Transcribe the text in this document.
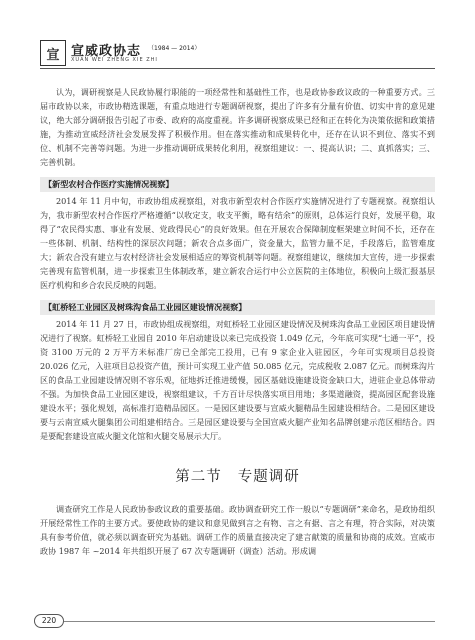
宣 宣威政协志 （1984 — 2014）
XUAN WEI ZHENG XIE ZHI

认为，调研视察是人民政协履行职能的一项经常性和基础性工作，也是政协参政议政的一种重要方式。三届市政协以来，市政协精选课题，有重点地进行专题调研视察，提出了许多有分量有价值、切实中肯的意见建议，绝大部分调研报告引起了市委、政府的高度重视。许多调研视察成果已经和正在转化为决策依据和政策措施，为推动宣威经济社会发展发挥了积极作用。但在落实推动和成果转化中，还存在认识不到位、落实不到位、机制不完善等问题。为进一步推动调研成果转化利用，视察组建议：一、提高认识；二、真抓落实；三、完善机制。

【新型农村合作医疗实施情况视察】

2014 年 11 月中旬，市政协组成视察组，对我市新型农村合作医疗实施情况进行了专题视察。视察组认为，我市新型农村合作医疗严格遵循“以收定支，收支平衡，略有结余”的原则，总体运行良好，发展平稳，取得了“农民得实惠、事业有发展、党政得民心”的良好效果。但在开展农合保障制度框架建立时间不长，还存在一些体制、机制、结构性的深层次问题；新农合点多面广，资金量大，监管力量不足，手段落后，监管难度大；新农合没有建立与农村经济社会发展相适应的筹资机制等问题。视察组建议，继续加大宣传，进一步探索完善现有监管机制，进一步探索卫生体制改革，建立新农合运行中公立医院的主体地位，积极向上级汇报基层医疗机构和乡合农民反映的问题。

【虹桥轻工业园区及树珠沟食品工业园区建设情况视察】

2014 年 11 月 27 日，市政协组成视察组，对虹桥轻工业园区建设情况及树珠沟食品工业园区项目建设情况进行了视察。虹桥轻工业园自 2010 年启动建设以来已完成投资 1.049 亿元，今年底可实现“七通一平”，投资 3100 万元的 2 万平方米标准厂房已全部完工投用，已有 9 家企业入驻园区，今年可实现项目总投资 20.026 亿元，入驻项目总投资产值，预计可实现工业产值 50.085 亿元，完成税收 2.087 亿元。而树珠沟片区的食品工业园建设情况则不容乐观，征地拆迁推进缓慢，园区基础设施建设资金缺口大，进驻企业总体带动不强。为加快食品工业园区建设，视察组建议，千方百计尽快落实项目用地；多渠道融资，提高园区配套设施建设水平；强化规划，高标准打造精品园区。一是园区建设要与宣威火腿精品生园建设相结合。二是园区建设要与云南宣威火腿集团公司组建相结合。三是园区建设要与全国宣威火腿产业知名品牌创建示范区相结合。四是要配套建设宣威火腿文化馆和火腿交易展示大厅。

第二节 专题调研

调查研究工作是人民政协参政议政的重要基础。政协调查研究工作一般以“专题调研”来命名，是政协组织开展经常性工作的主要方式。要使政协的建议和意见做到言之有物、言之有据、言之有理，符合实际，对决策具有参考价值，就必须以调查研究为基础。调研工作的质量直接决定了建言献策的质量和协商的成效。宣威市政协 1987 年 ~2014 年共组织开展了 67 次专题调研（调查）活动。形成调

220
